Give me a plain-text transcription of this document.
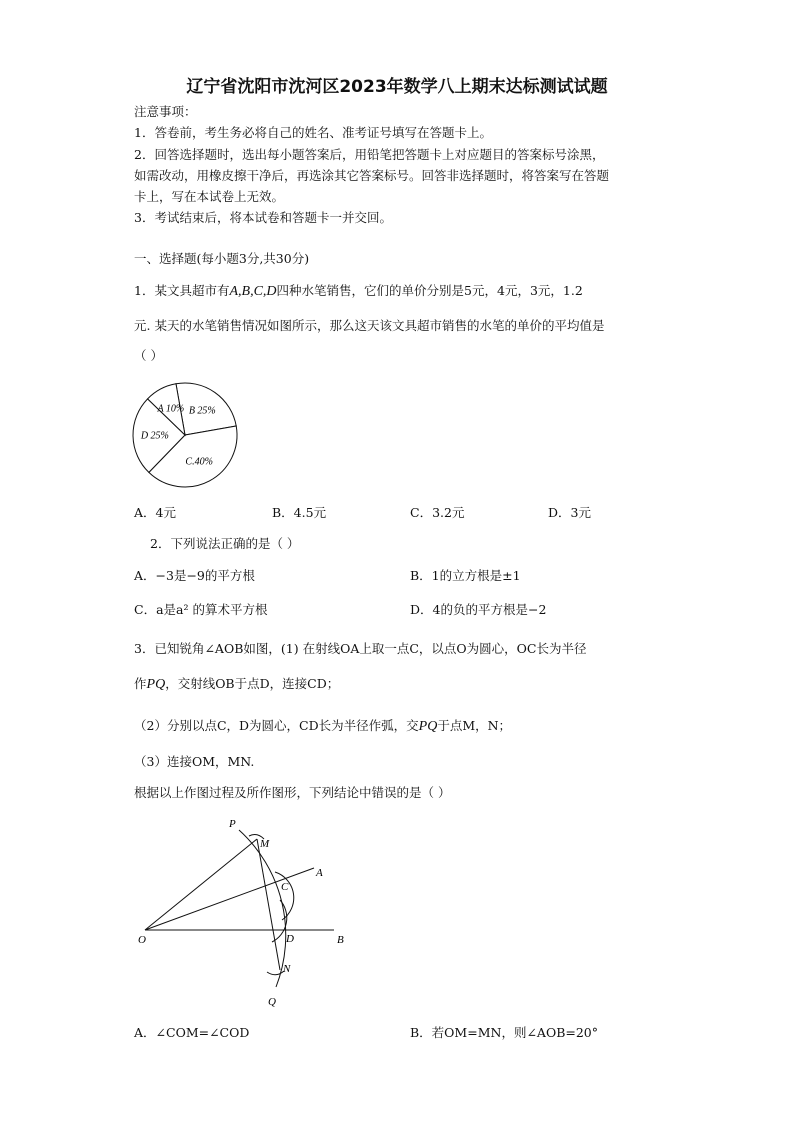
辽宁省沈阳市沈河区2023年数学八上期末达标测试试题
注意事项：
1．答卷前，考生务必将自己的姓名、准考证号填写在答题卡上。
2．回答选择题时，选出每小题答案后，用铅笔把答题卡上对应题目的答案标号涂黑，
如需改动，用橡皮擦干净后，再选涂其它答案标号。回答非选择题时，将答案写在答题
卡上，写在本试卷上无效。
3．考试结束后，将本试卷和答题卡一并交回。
一、选择题(每小题3分,共30分)
1．某文具超市有A,B,C,D四种水笔销售，它们的单价分别是5元，4元，3元，1.2
元. 某天的水笔销售情况如图所示，那么这天该文具超市销售的水笔的单价的平均值是
（ ）
B 25%
C.40%
D 25%
A 10%
A．4元	B．4.5元	C．3.2元	D．3元
2．下列说法正确的是（ ）
A．−3是−9的平方根	B．1的立方根是±1
C．a是a² 的算术平方根	D．4的负的平方根是−2
3．已知锐角∠AOB如图，(1) 在射线OA上取一点C，以点O为圆心，OC长为半径
作PQ，交射线OB于点D，连接CD；
（2）分别以点C，D为圆心，CD长为半径作弧，交PQ于点M，N；
（3）连接OM，MN.
根据以上作图过程及所作图形，下列结论中错误的是（ ）
P
M
A
C
O	D	B
N
Q
A．∠COM=∠COD	B．若OM=MN，则∠AOB=20°
